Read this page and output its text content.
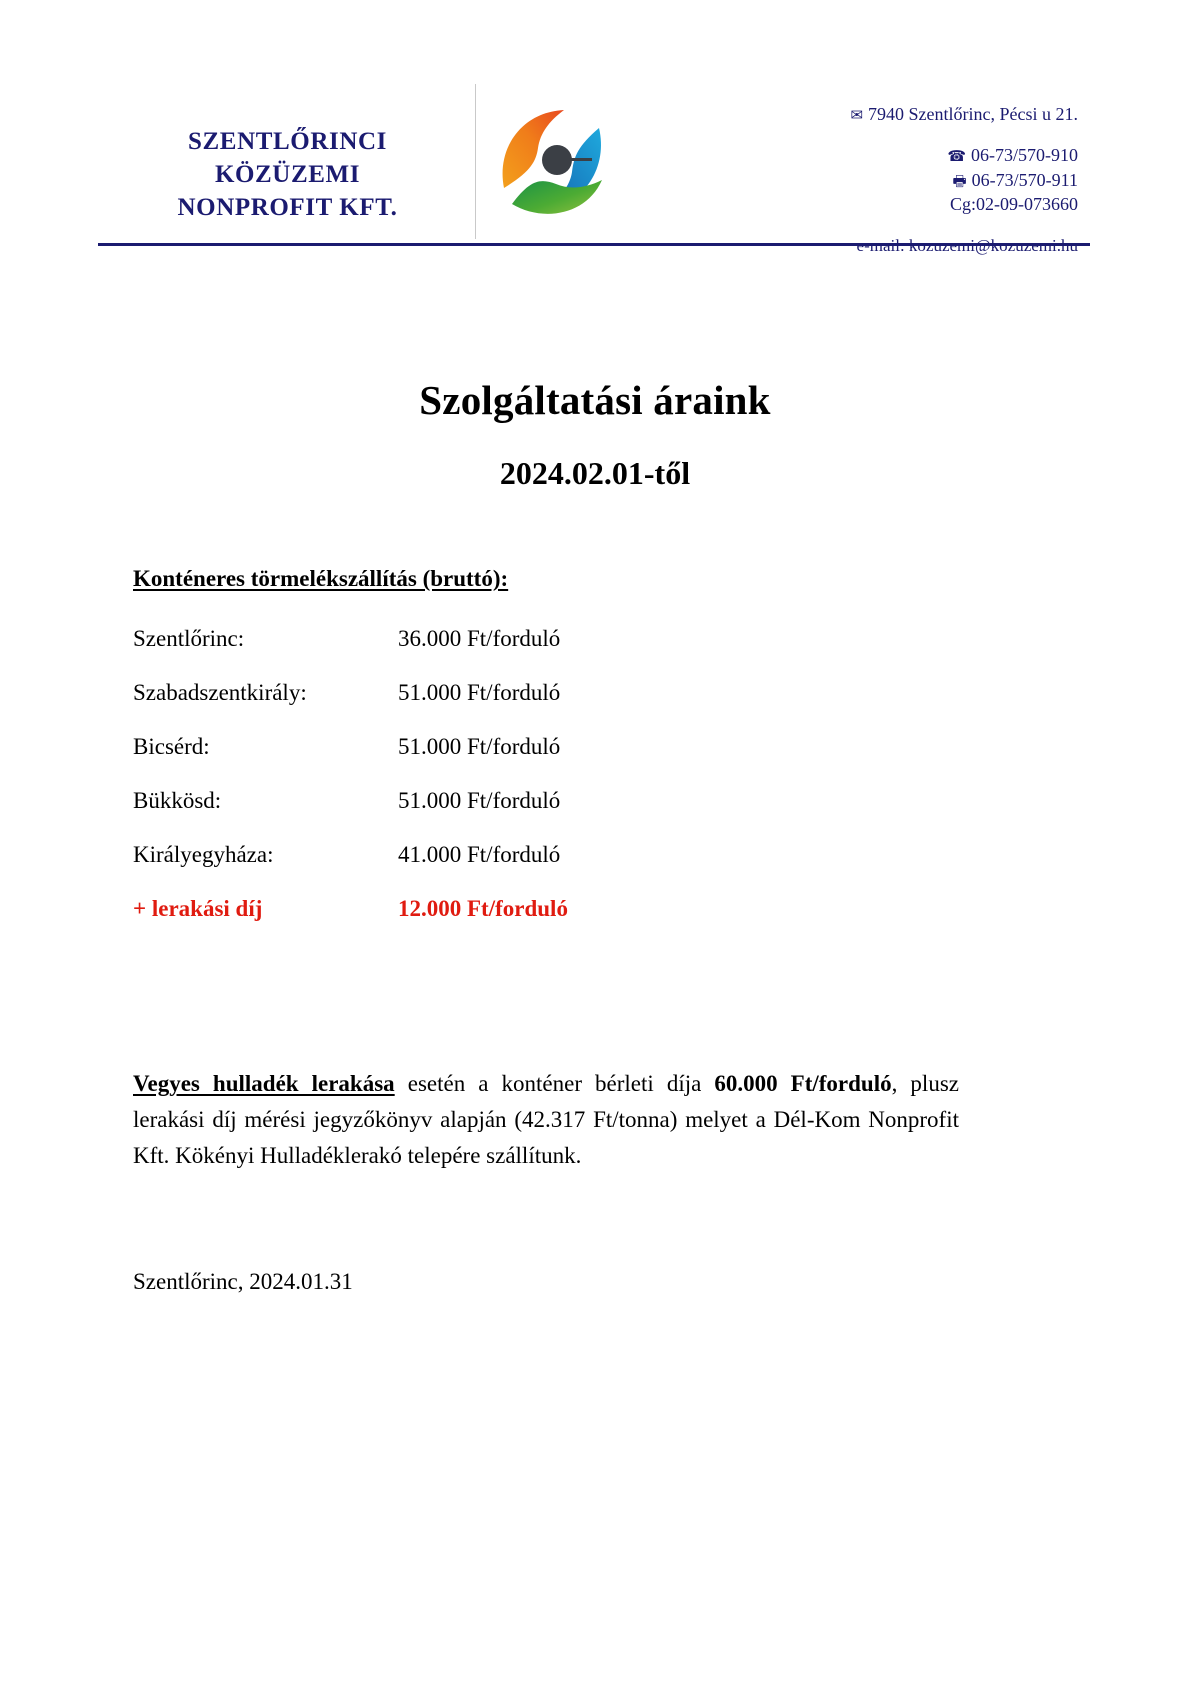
SZENTLŐRINCI
KÖZÜZEMI
NONPROFIT KFT.
✉ 7940 Szentlőrinc, Pécsi u 21.
☎ 06-73/570-910
🖶 06-73/570-911
Cg:02-09-073660
e-mail: kozuzemi@kozuzemi.hu
Szolgáltatási áraink
2024.02.01-től
Konténeres törmelékszállítás (bruttó):
Szentlőrinc:	36.000 Ft/forduló
Szabadszentkirály:	51.000 Ft/forduló
Bicsérd:	51.000 Ft/forduló
Bükkösd:	51.000 Ft/forduló
Királyegyháza:	41.000 Ft/forduló
+ lerakási díj	12.000 Ft/forduló

Vegyes hulladék lerakása esetén a konténer bérleti díja 60.000 Ft/forduló, plusz lerakási díj mérési jegyzőkönyv alapján (42.317 Ft/tonna) melyet a Dél-Kom Nonprofit Kft. Kökényi Hulladéklerakó telepére szállítunk.

Szentlőrinc, 2024.01.31
